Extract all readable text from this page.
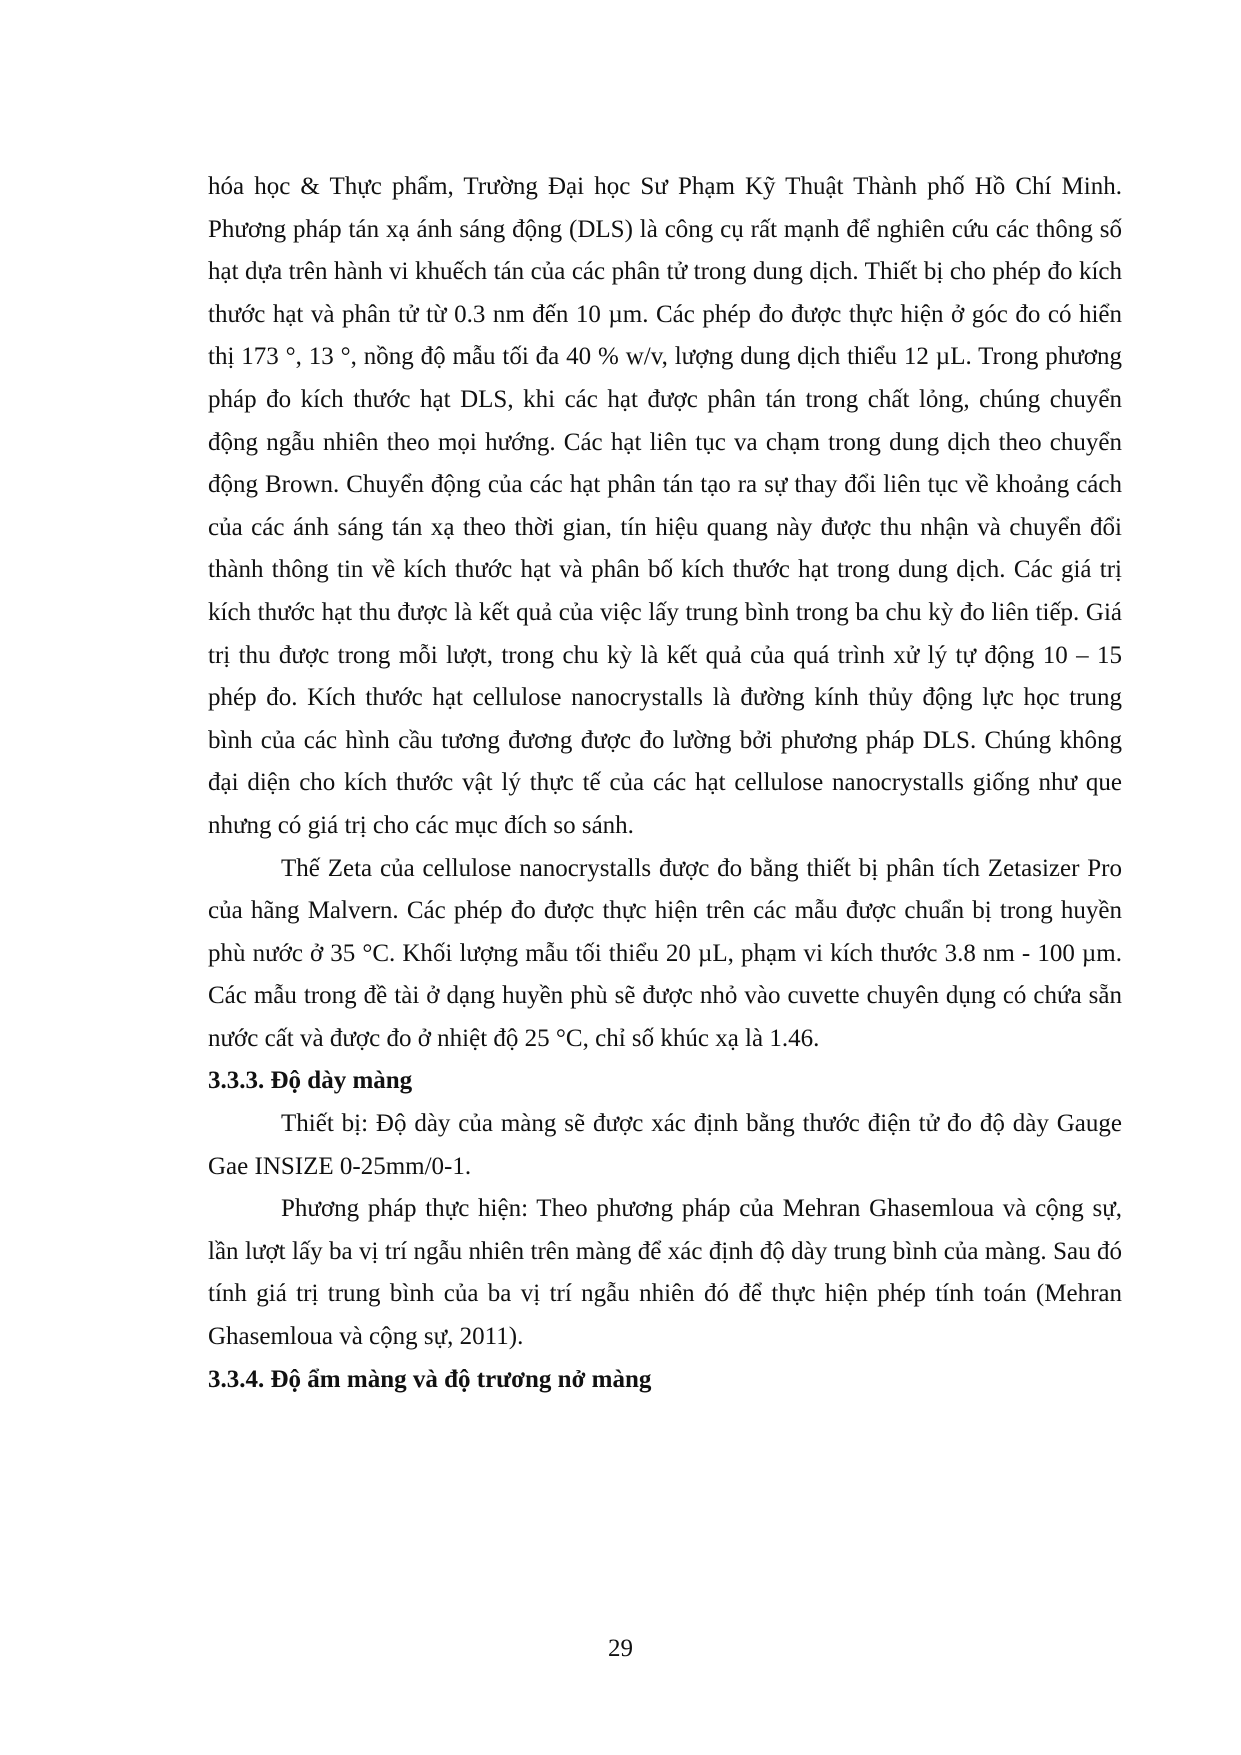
hóa học & Thực phẩm, Trường Đại học Sư Phạm Kỹ Thuật Thành phố Hồ Chí Minh. Phương pháp tán xạ ánh sáng động (DLS) là công cụ rất mạnh để nghiên cứu các thông số hạt dựa trên hành vi khuếch tán của các phân tử trong dung dịch. Thiết bị cho phép đo kích thước hạt và phân tử từ 0.3 nm đến 10 µm. Các phép đo được thực hiện ở góc đo có hiển thị 173 °, 13 °, nồng độ mẫu tối đa 40 % w/v, lượng dung dịch thiểu 12 µL. Trong phương pháp đo kích thước hạt DLS, khi các hạt được phân tán trong chất lỏng, chúng chuyển động ngẫu nhiên theo mọi hướng. Các hạt liên tục va chạm trong dung dịch theo chuyển động Brown. Chuyển động của các hạt phân tán tạo ra sự thay đổi liên tục về khoảng cách của các ánh sáng tán xạ theo thời gian, tín hiệu quang này được thu nhận và chuyển đổi thành thông tin về kích thước hạt và phân bố kích thước hạt trong dung dịch. Các giá trị kích thước hạt thu được là kết quả của việc lấy trung bình trong ba chu kỳ đo liên tiếp. Giá trị thu được trong mỗi lượt, trong chu kỳ là kết quả của quá trình xử lý tự động 10 – 15 phép đo. Kích thước hạt cellulose nanocrystalls là đường kính thủy động lực học trung bình của các hình cầu tương đương được đo lường bởi phương pháp DLS. Chúng không đại diện cho kích thước vật lý thực tế của các hạt cellulose nanocrystalls giống như que nhưng có giá trị cho các mục đích so sánh.

Thế Zeta của cellulose nanocrystalls được đo bằng thiết bị phân tích Zetasizer Pro của hãng Malvern. Các phép đo được thực hiện trên các mẫu được chuẩn bị trong huyền phù nước ở 35 °C. Khối lượng mẫu tối thiểu 20 µL, phạm vi kích thước 3.8 nm - 100 µm. Các mẫu trong đề tài ở dạng huyền phù sẽ được nhỏ vào cuvette chuyên dụng có chứa sẵn nước cất và được đo ở nhiệt độ 25 °C, chỉ số khúc xạ là 1.46.

3.3.3. Độ dày màng

Thiết bị: Độ dày của màng sẽ được xác định bằng thước điện tử đo độ dày Gauge Gae INSIZE 0-25mm/0-1.

Phương pháp thực hiện: Theo phương pháp của Mehran Ghasemloua và cộng sự, lần lượt lấy ba vị trí ngẫu nhiên trên màng để xác định độ dày trung bình của màng. Sau đó tính giá trị trung bình của ba vị trí ngẫu nhiên đó để thực hiện phép tính toán (Mehran Ghasemloua và cộng sự, 2011).

3.3.4. Độ ẩm màng và độ trương nở màng

29
